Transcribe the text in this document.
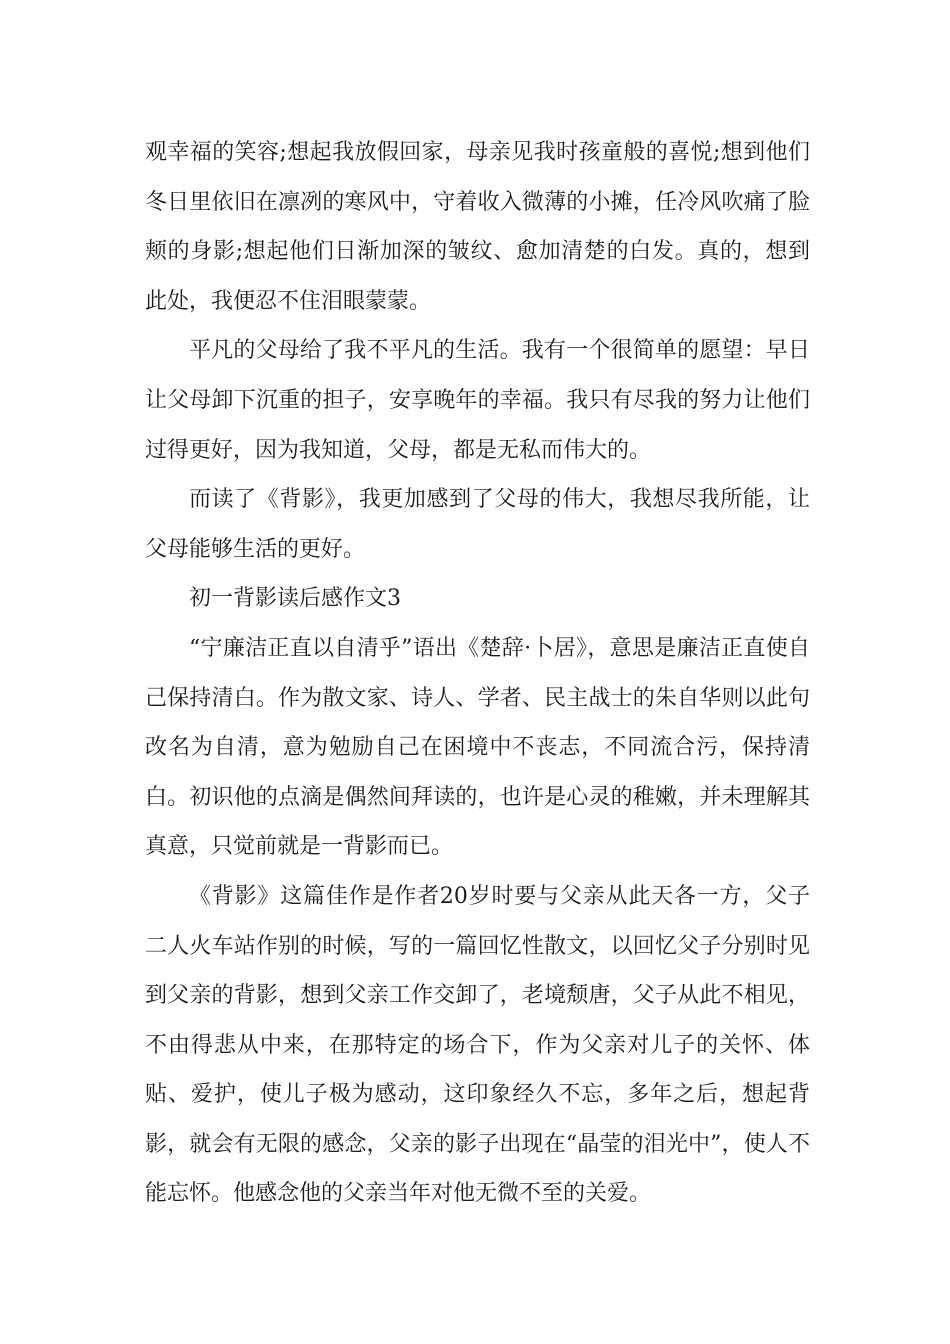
观幸福的笑容;想起我放假回家，母亲见我时孩童般的喜悦;想到他们冬日里依旧在凛冽的寒风中，守着收入微薄的小摊，任冷风吹痛了脸颊的身影;想起他们日渐加深的皱纹、愈加清楚的白发。真的，想到此处，我便忍不住泪眼蒙蒙。

平凡的父母给了我不平凡的生活。我有一个很简单的愿望：早日让父母卸下沉重的担子，安享晚年的幸福。我只有尽我的努力让他们过得更好，因为我知道，父母，都是无私而伟大的。

而读了《背影》，我更加感到了父母的伟大，我想尽我所能，让父母能够生活的更好。

初一背影读后感作文3

“宁廉洁正直以自清乎”语出《楚辞·卜居》，意思是廉洁正直使自己保持清白。作为散文家、诗人、学者、民主战士的朱自华则以此句改名为自清，意为勉励自己在困境中不丧志，不同流合污，保持清白。初识他的点滴是偶然间拜读的，也许是心灵的稚嫩，并未理解其真意，只觉前就是一背影而已。

《背影》这篇佳作是作者20岁时要与父亲从此天各一方，父子二人火车站作别的时候，写的一篇回忆性散文，以回忆父子分别时见到父亲的背影，想到父亲工作交卸了，老境颓唐，父子从此不相见，不由得悲从中来，在那特定的场合下，作为父亲对儿子的关怀、体贴、爱护，使儿子极为感动，这印象经久不忘，多年之后，想起背影，就会有无限的感念，父亲的影子出现在“晶莹的泪光中”，使人不能忘怀。他感念他的父亲当年对他无微不至的关爱。
